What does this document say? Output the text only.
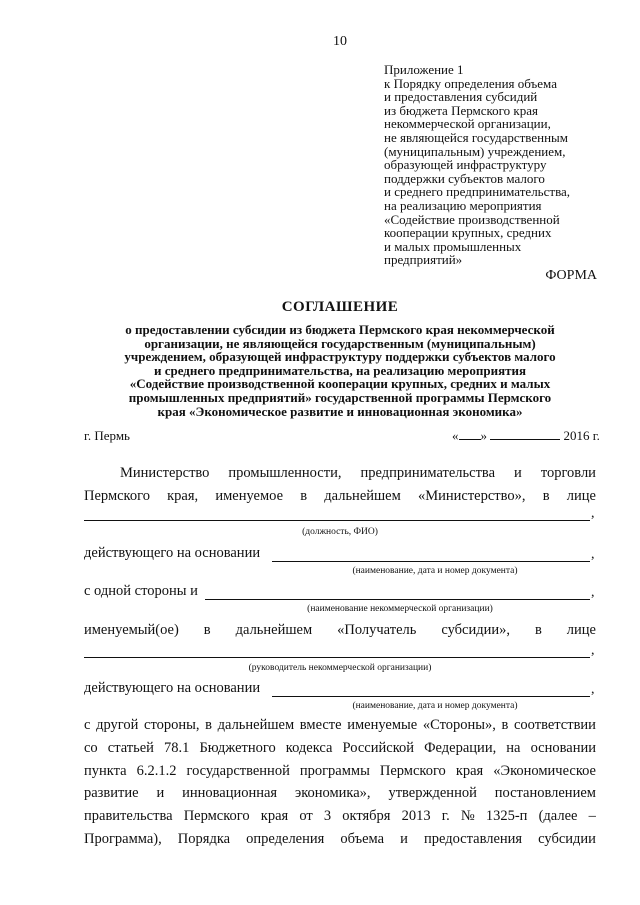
10
Приложение 1
к Порядку определения объема
и предоставления субсидий
из бюджета Пермского края
некоммерческой организации,
не являющейся государственным
(муниципальным) учреждением,
образующей инфраструктуру
поддержки субъектов малого
и среднего предпринимательства,
на реализацию мероприятия
«Содействие производственной
кооперации крупных, средних
и малых промышленных
предприятий»
ФОРМА
СОГЛАШЕНИЕ
о предоставлении субсидии из бюджета Пермского края некоммерческой
организации, не являющейся государственным (муниципальным)
учреждением, образующей инфраструктуру поддержки субъектов малого
и среднего предпринимательства, на реализацию мероприятия
«Содействие производственной кооперации крупных, средних и малых
промышленных предприятий» государственной программы Пермского
края «Экономическое развитие и инновационная экономика»
г. Пермь	« »	2016 г.
Министерство промышленности, предпринимательства и торговли
Пермского края, именуемое в дальнейшем «Министерство», в лице
,
(должность, ФИО)
действующего на основании	,
(наименование, дата и номер документа)
с одной стороны и	,
(наименование некоммерческой организации)
именуемый(ое) в дальнейшем «Получатель субсидии», в лице
,
(руководитель некоммерческой организации)
действующего на основании	,
(наименование, дата и номер документа)
с другой стороны, в дальнейшем вместе именуемые «Стороны», в соответствии
со статьей 78.1 Бюджетного кодекса Российской Федерации, на основании
пункта 6.2.1.2 государственной программы Пермского края «Экономическое
развитие и инновационная экономика», утвержденной постановлением
правительства Пермского края от 3 октября 2013 г. № 1325-п (далее –
Программа), Порядка определения объема и предоставления субсидии
